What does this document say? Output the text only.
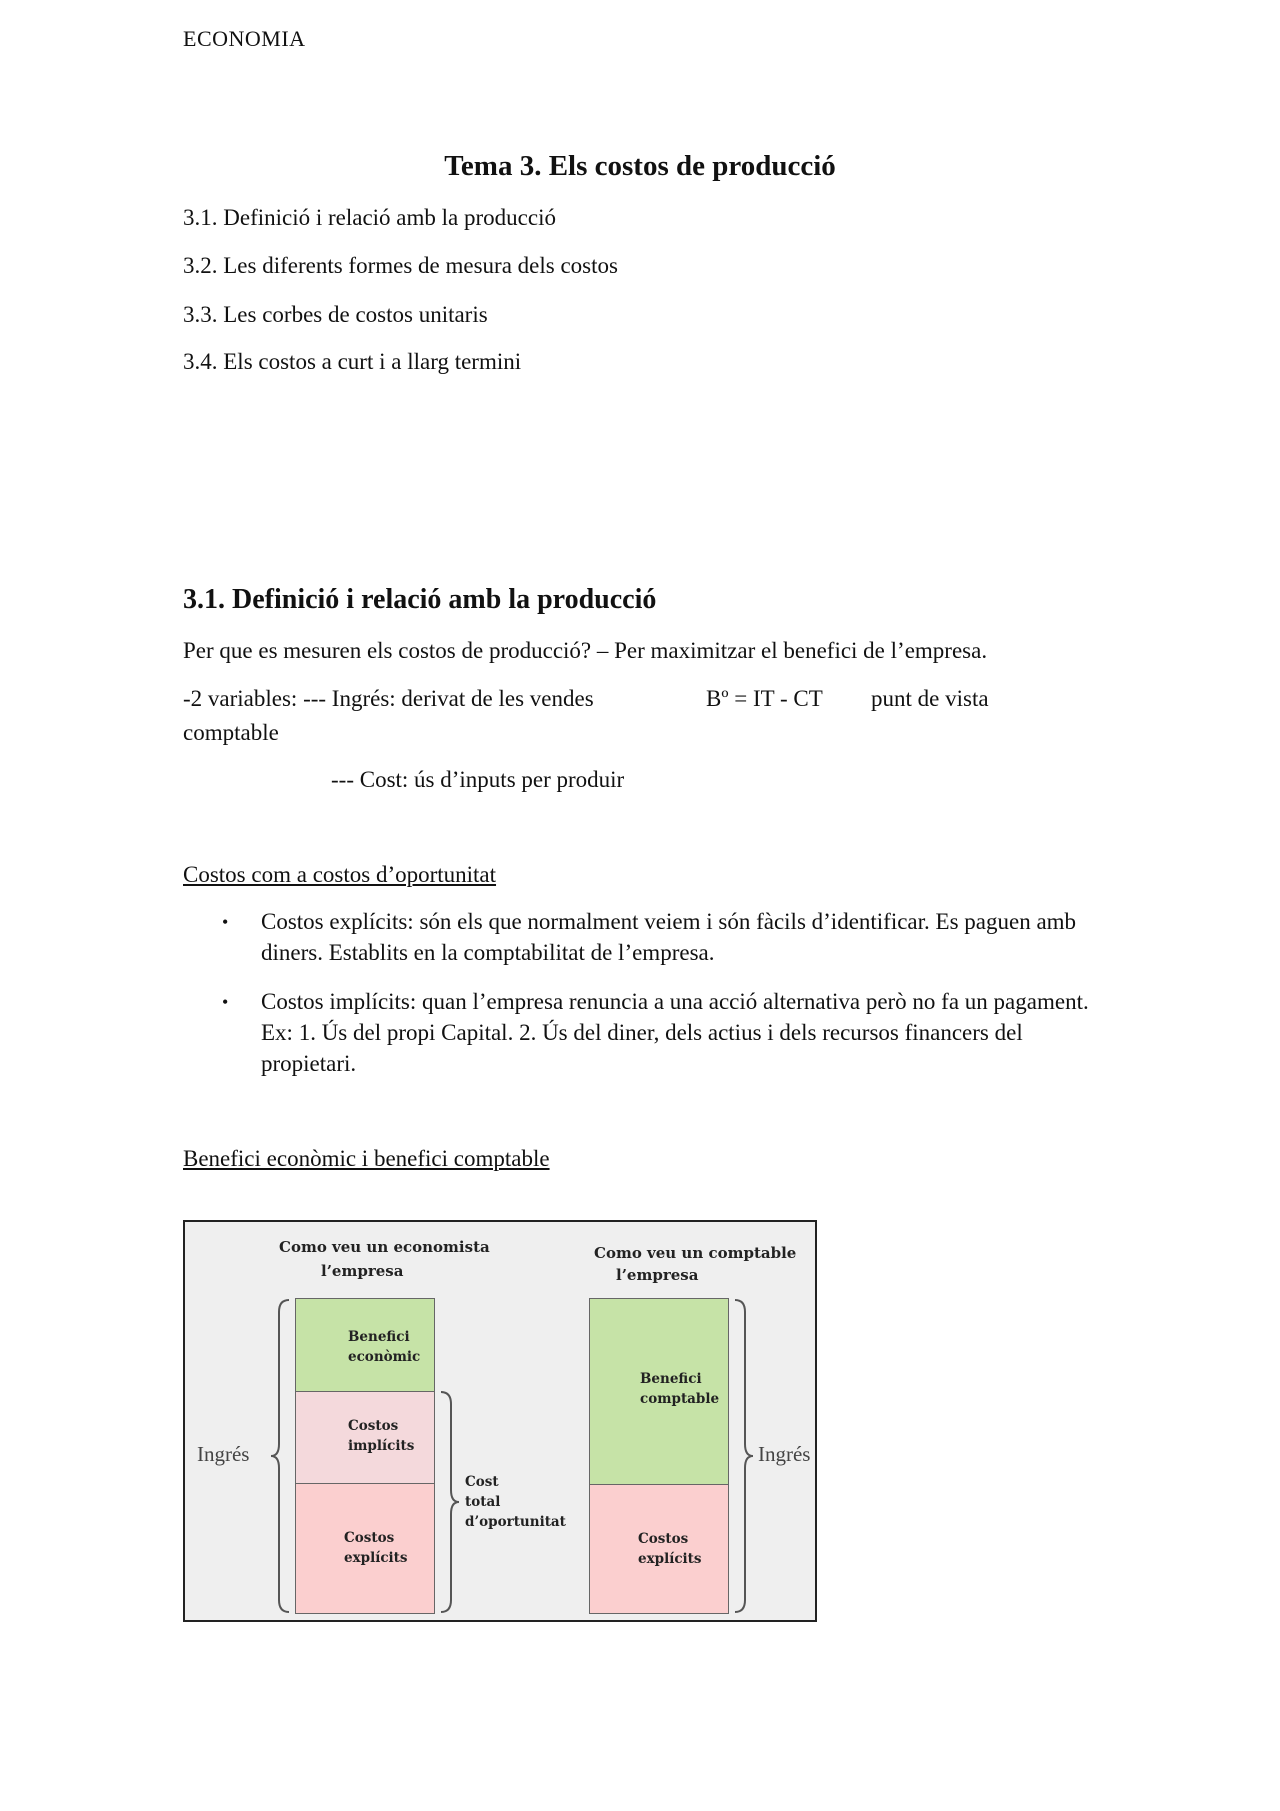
ECONOMIA
Tema 3. Els costos de producció
3.1. Definició i relació amb la producció
3.2. Les diferents formes de mesura dels costos
3.3. Les corbes de costos unitaris
3.4. Els costos a curt i a llarg termini
3.1. Definició i relació amb la producció
Per que es mesuren els costos de producció? – Per maximitzar el benefici de l’empresa.
-2 variables: --- Ingrés: derivat de les vendes	Bº = IT - CT punt de vista
comptable
--- Cost: ús d’inputs per produir
Costos com a costos d’oportunitat
• Costos explícits: són els que normalment veiem i són fàcils d’identificar. Es paguen amb diners. Establits en la comptabilitat de l’empresa.
• Costos implícits: quan l’empresa renuncia a una acció alternativa però no fa un pagament. Ex: 1. Ús del propi Capital. 2. Ús del diner, dels actius i dels recursos financers del propietari.
Benefici econòmic i benefici comptable
Como veu un economista
l’empresa
Como veu un comptable
l’empresa
Benefici econòmic
Costos implícits
Costos explícits
Benefici comptable
Costos explícits
Ingrés	Ingrés
Cost
total
d’oportunitat
